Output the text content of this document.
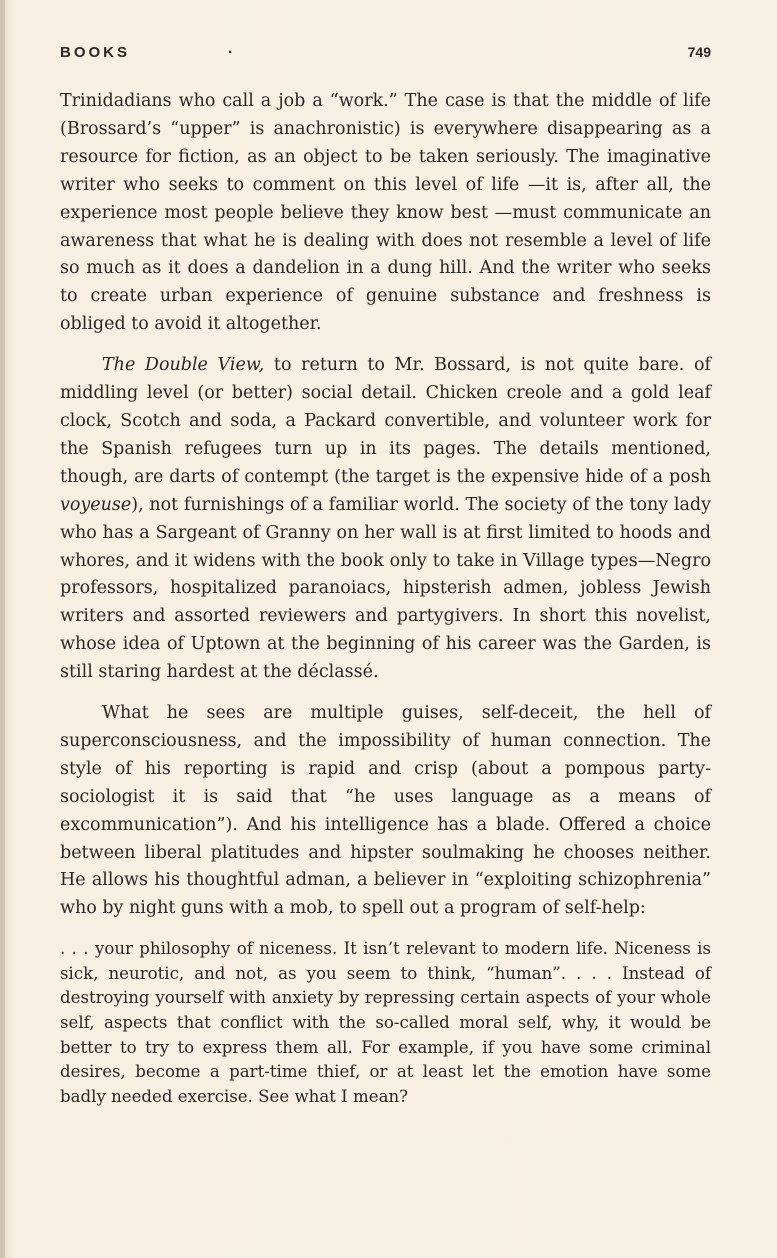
BOOKS	·	749

Trinidadians who call a job a “work.” The case is that the middle of life (Brossard’s “upper” is anachronistic) is everywhere disappearing as a resource for fiction, as an object to be taken seriously. The imaginative writer who seeks to comment on this level of life —it is, after all, the experience most people believe they know best —must communicate an awareness that what he is dealing with does not resemble a level of life so much as it does a dandelion in a dung hill. And the writer who seeks to create urban experience of genuine substance and freshness is obliged to avoid it altogether.

The Double View, to return to Mr. Bossard, is not quite bare. of middling level (or better) social detail. Chicken creole and a gold leaf clock, Scotch and soda, a Packard convertible, and volunteer work for the Spanish refugees turn up in its pages. The details mentioned, though, are darts of contempt (the target is the expensive hide of a posh voyeuse), not furnishings of a familiar world. The society of the tony lady who has a Sargeant of Granny on her wall is at first limited to hoods and whores, and it widens with the book only to take in Village types—Negro professors, hospitalized paranoiacs, hipsterish admen, jobless Jewish writers and assorted reviewers and partygivers. In short this novelist, whose idea of Uptown at the beginning of his career was the Garden, is still staring hardest at the déclassé.

What he sees are multiple guises, self-deceit, the hell of superconsciousness, and the impossibility of human connection. The style of his reporting is rapid and crisp (about a pompous party-sociologist it is said that “he uses language as a means of excommunication”). And his intelligence has a blade. Offered a choice between liberal platitudes and hipster soulmaking he chooses neither. He allows his thoughtful adman, a believer in “exploiting schizophrenia” who by night guns with a mob, to spell out a program of self-help:

. . . your philosophy of niceness. It isn’t relevant to modern life. Niceness is sick, neurotic, and not, as you seem to think, “human”. . . . Instead of destroying yourself with anxiety by repressing certain aspects of your whole self, aspects that conflict with the so-called moral self, why, it would be better to try to express them all. For example, if you have some criminal desires, become a part-time thief, or at least let the emotion have some badly needed exercise. See what I mean?
